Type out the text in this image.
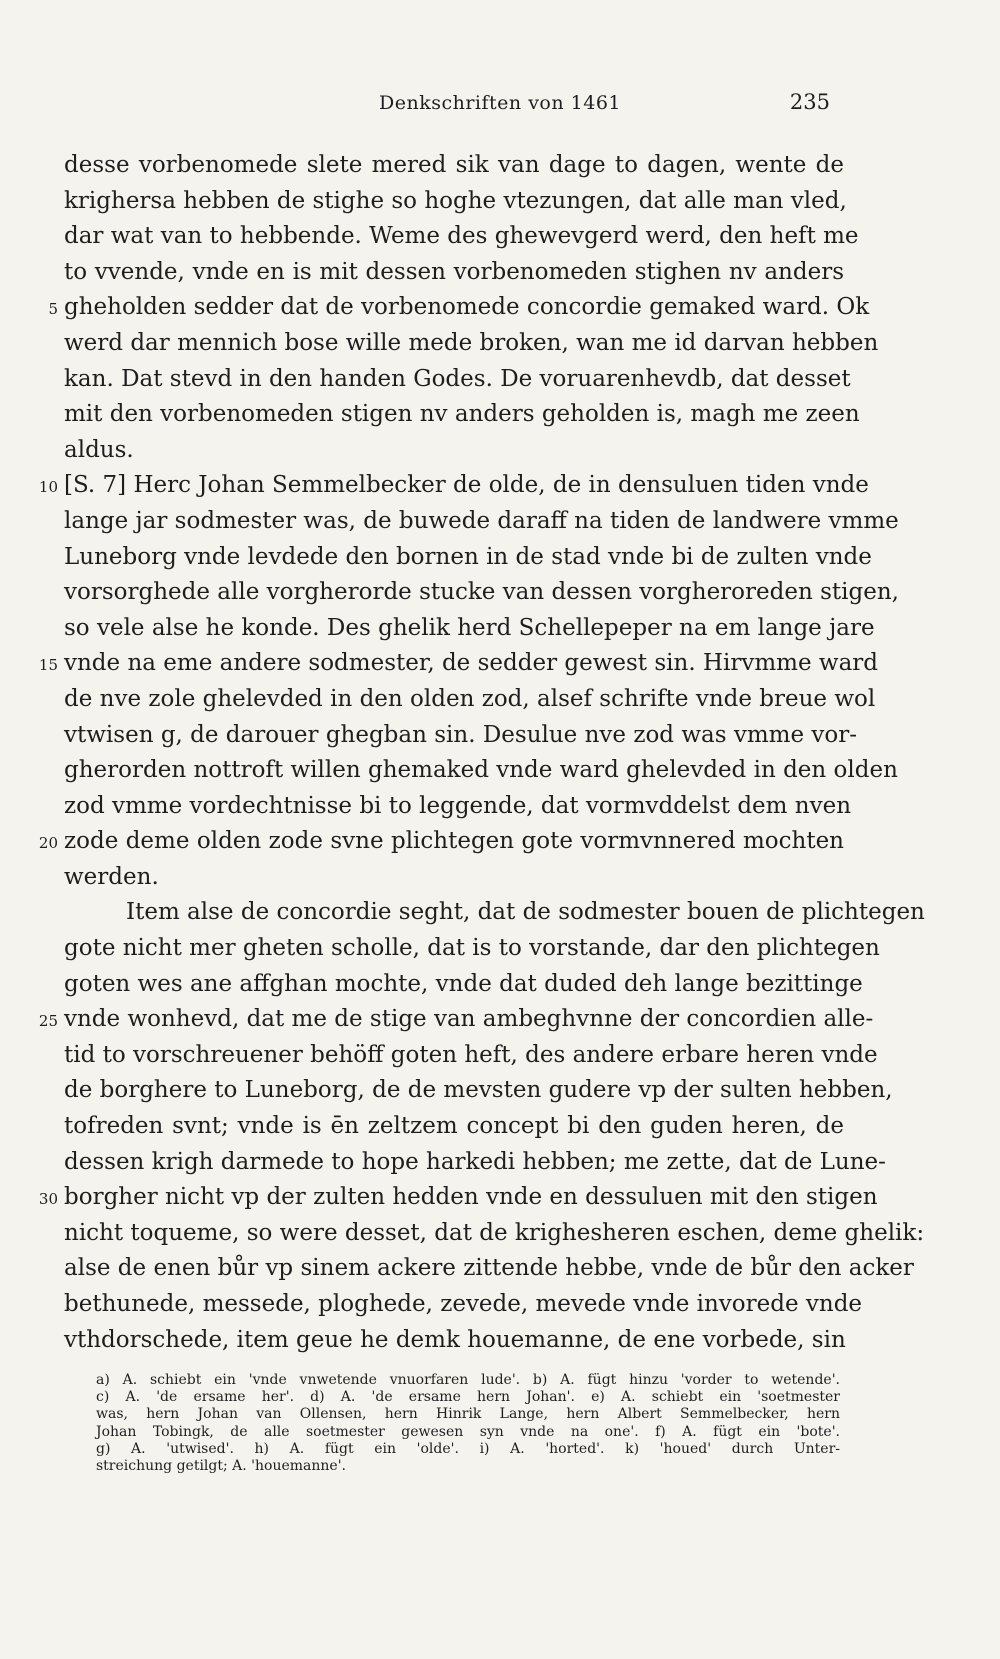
Denkschriften von 1461	235
desse vorbenomede slete mered sik van dage to dagen, wente de
krighersa hebben de stighe so hoghe vtezungen, dat alle man vled,
dar wat van to hebbende. Weme des ghewevgerd werd, den heft me
to vvende, vnde en is mit dessen vorbenomeden stighen nv anders
5 gheholden sedder dat de vorbenomede concordie gemaked ward. Ok
werd dar mennich bose wille mede broken, wan me id darvan hebben
kan. Dat stevd in den handen Godes. De voruarenhevdb, dat desset
mit den vorbenomeden stigen nv anders geholden is, magh me zeen
aldus.
10 [S. 7] Herc Johan Semmelbecker de olde, de in densuluen tiden vnde
lange jar sodmester was, de buwede daraff na tiden de landwere vmme
Luneborg vnde levdede den bornen in de stad vnde bi de zulten vnde
vorsorghede alle vorgherorde stucke van dessen vorgheroreden stigen,
so vele alse he konde. Des ghelik herd Schellepeper na em lange jare
15 vnde na eme andere sodmester, de sedder gewest sin. Hirvmme ward
de nve zole ghelevded in den olden zod, alsef schrifte vnde breue wol
vtwisen g, de darouer ghegban sin. Desulue nve zod was vmme vor-
gherorden nottroft willen ghemaked vnde ward ghelevded in den olden
zod vmme vordechtnisse bi to leggende, dat vormvddelst dem nven
20 zode deme olden zode svne plichtegen gote vormvnnered mochten
werden.
Item alse de concordie seght, dat de sodmester bouen de plichtegen
gote nicht mer gheten scholle, dat is to vorstande, dar den plichtegen
goten wes ane affghan mochte, vnde dat duded deh lange bezittinge
25 vnde wonhevd, dat me de stige van ambeghvnne der concordien alle-
tid to vorschreuener behöff goten heft, des andere erbare heren vnde
de borghere to Luneborg, de de mevsten gudere vp der sulten hebben,
tofreden svnt; vnde is ēn zeltzem concept bi den guden heren, de
dessen krigh darmede to hope harkedi hebben; me zette, dat de Lune-
30 borgher nicht vp der zulten hedden vnde en dessuluen mit den stigen
nicht toqueme, so were desset, dat de krighesheren eschen, deme ghelik:
alse de enen bůr vp sinem ackere zittende hebbe, vnde de bůr den acker
bethunede, messede, ploghede, zevede, mevede vnde invorede vnde
vthdorschede, item geue he demk houemanne, de ene vorbede, sin
a) A. schiebt ein 'vnde vnwetende vnuorfaren lude'. b) A. fügt hinzu 'vorder to wetende'.
c) A. 'de ersame her'. d) A. 'de ersame hern Johan'. e) A. schiebt ein 'soetmester
was, hern Johan van Ollensen, hern Hinrik Lange, hern Albert Semmelbecker, hern
Johan Tobingk, de alle soetmester gewesen syn vnde na one'. f) A. fügt ein 'bote'.
g) A. 'utwised'. h) A. fügt ein 'olde'. i) A. 'horted'. k) 'houed' durch Unter-
streichung getilgt; A. 'houemanne'.
